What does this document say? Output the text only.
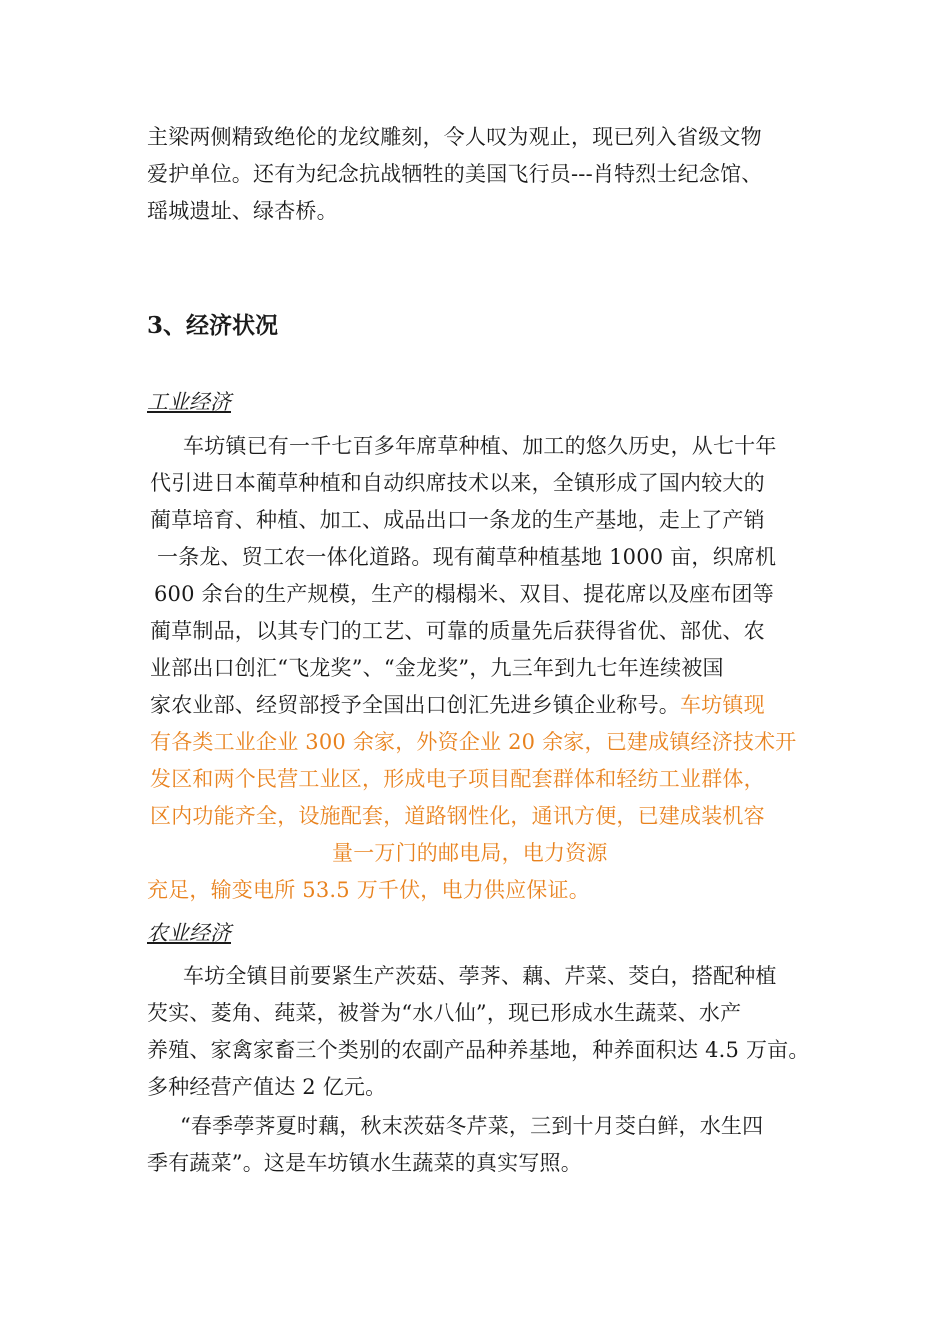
主梁两侧精致绝伦的龙纹雕刻，令人叹为观止，现已列入省级文物
爱护单位。还有为纪念抗战牺牲的美国飞行员---肖特烈士纪念馆、
瑶城遗址、绿杏桥。
3、经济状况
工业经济
车坊镇已有一千七百多年席草种植、加工的悠久历史，从七十年
代引进日本蔺草种植和自动织席技术以来，全镇形成了国内较大的
蔺草培育、种植、加工、成品出口一条龙的生产基地，走上了产销
一条龙、贸工农一体化道路。现有蔺草种植基地 1000 亩，织席机
600 余台的生产规模，生产的榻榻米、双目、提花席以及座布团等
蔺草制品，以其专门的工艺、可靠的质量先后获得省优、部优、农
业部出口创汇“飞龙奖”、“金龙奖”，九三年到九七年连续被国
家农业部、经贸部授予全国出口创汇先进乡镇企业称号。车坊镇现
有各类工业企业 300 余家，外资企业 20 余家，已建成镇经济技术开
发区和两个民营工业区，形成电子项目配套群体和轻纺工业群体，
区内功能齐全，设施配套，道路钢性化，通讯方便，已建成装机容
量一万门的邮电局，电力资源
充足，输变电所 53.5 万千伏，电力供应保证。
农业经济
车坊全镇目前要紧生产茨菇、荸荠、藕、芹菜、茭白，搭配种植
芡实、菱角、莼菜，被誉为“水八仙”，现已形成水生蔬菜、水产
养殖、家禽家畜三个类别的农副产品种养基地，种养面积达 4.5 万亩。
多种经营产值达 2 亿元。
“春季荸荠夏时藕，秋末茨菇冬芹菜，三到十月茭白鲜，水生四
季有蔬菜”。这是车坊镇水生蔬菜的真实写照。
